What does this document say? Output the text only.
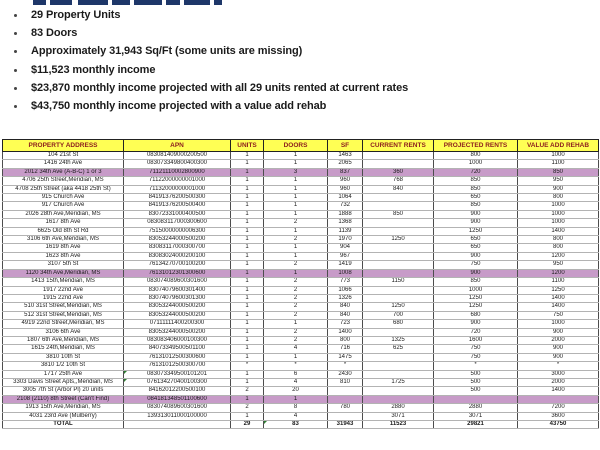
29 Property Units
83 Doors
Approximately 31,943 Sq/Ft (some units are missing)
$11,523 monthly income
$23,870 monthly income projected with all 29 units rented at current rates
$43,750 monthly income projected with a value add rehab
PROPERTY ADDRESS	APN	UNITS	DOORS	SF	CURRENT RENTS	PROJECTED RENTS	VALUE ADD REHAB
104 21st St	083081409000200500	1	1	1463		800	1000
1416 24th Ave	083073349800400300	1	1	2065		1000	1100
2012 34th Ave (A-B-C) 1 or 3	71121110002800900	1	3	837	360	720	850
4706 25th Street,Meridian, MS	71122000000001000	1	1	960	768	850	950
4708 25th Street (aka 4418 25th St)	71132000000001000	1	1	960	840	850	900
915 Church Ave	84191376200500300	1	1	1064		650	800
917 Church Ave	84191376200500400	1	1	732		850	1000
2026 28th Ave,Meridian, MS	83072331000400500	1	1	1888	850	900	1000
1617 8th Ave	083083117000300600	1	2	1368		900	1000
6625 Old 8th St Rd	75150000000006300	1	1	1139		1250	1400
3106 6th Ave,Meridian, MS	83053244000500200	1	2	1970	1250	650	800
1619 8th Ave	83083117000300700	1	1	904		650	800
1623 8th Ave	83083024000200100	1	1	967		900	1200
3107 5th St	76134270700100200	1	2	1419		750	950
1120 34th Ave,Meridian, MS	76131012301300600	1	1	1008		900	1200
1413 15th,Meridian, MS	083074089600301600	1	2	773	1150	850	1100
1917 22nd Ave	83074079600301400	1	2	1066		1000	1250
1915 22nd Ave	83074079600301300	1	2	1326		1250	1400
510 31st Street,Meridian, MS	83053244000500200	1	2	840	1250	1250	1400
512 31st Street,Meridian, MS	83053244000500200	1	2	840	700	680	750
4919 22nd Street,Meridian, MS	07111111400200300	1	1	723	680	900	1000
3106 6th Ave	83053244000500200	1	2	1400		720	900
1807 6th Ave,Meridian, MS	083083406000100300	1	2	800	1325	1600	2000
1615 24th,Meridian, MS	84073349500501100	1	4	716	625	750	900
3810 10th St	76131012500300600	1	1	1475		750	900
3810 1/2 10th St	76131012500300700	*	*	*		*	*
1717 25th Ave	083073349500101201	1	6	2430		500	3000
3303 Davis Street Apts,,Meridian, MS	076134270400100300	1	4	810	1725	500	2000
3005 7th St (Arbor Pl) 20 units	84162012200500100	2	20			500	1400
2108 (2110) 8th Street (Can't Find)	084181348501100600	1	1				
1913 15th Ave,Meridian, MS	083074089600301600	2	8	780	2880	2880	7200
4031 23rd Ave (Mulberry)	139313011000100000	1	4		3071	3071	3600
TOTAL		29	83	31943	11523	29821	43750
